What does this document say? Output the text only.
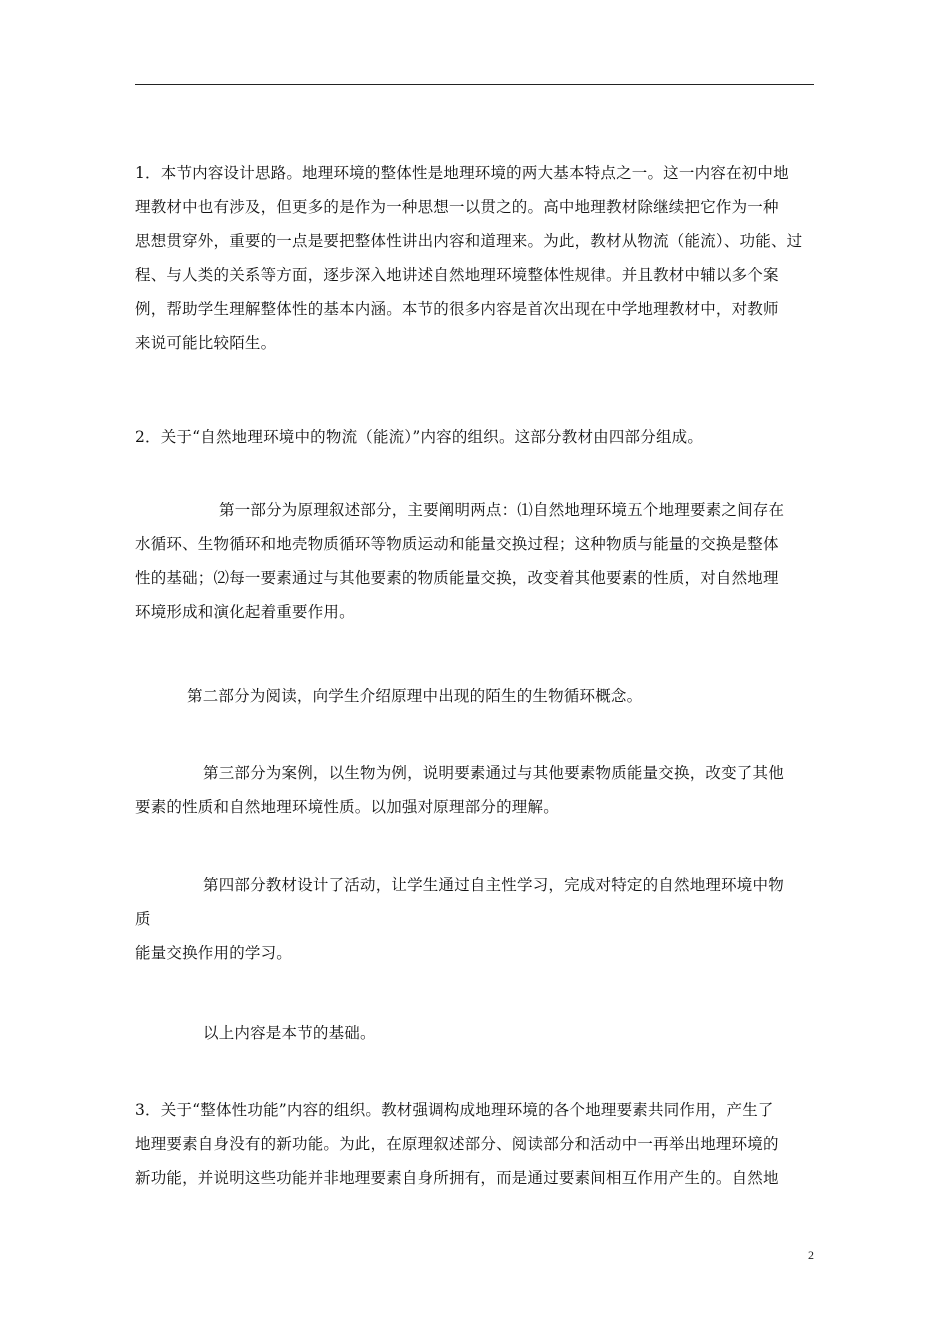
1．本节内容设计思路。地理环境的整体性是地理环境的两大基本特点之一。这一内容在初中地
理教材中也有涉及，但更多的是作为一种思想一以贯之的。高中地理教材除继续把它作为一种
思想贯穿外，重要的一点是要把整体性讲出内容和道理来。为此，教材从物流（能流）、功能、过
程、与人类的关系等方面，逐步深入地讲述自然地理环境整体性规律。并且教材中辅以多个案
例，帮助学生理解整体性的基本内涵。本节的很多内容是首次出现在中学地理教材中，对教师
来说可能比较陌生。
2．关于“自然地理环境中的物流（能流）”内容的组织。这部分教材由四部分组成。
第一部分为原理叙述部分，主要阐明两点：⑴自然地理环境五个地理要素之间存在
水循环、生物循环和地壳物质循环等物质运动和能量交换过程；这种物质与能量的交换是整体
性的基础；⑵每一要素通过与其他要素的物质能量交换，改变着其他要素的性质，对自然地理
环境形成和演化起着重要作用。
第二部分为阅读，向学生介绍原理中出现的陌生的生物循环概念。
第三部分为案例，以生物为例，说明要素通过与其他要素物质能量交换，改变了其他
要素的性质和自然地理环境性质。以加强对原理部分的理解。
第四部分教材设计了活动，让学生通过自主性学习，完成对特定的自然地理环境中物
质
能量交换作用的学习。
以上内容是本节的基础。
3．关于“整体性功能”内容的组织。教材强调构成地理环境的各个地理要素共同作用，产生了
地理要素自身没有的新功能。为此，在原理叙述部分、阅读部分和活动中一再举出地理环境的
新功能，并说明这些功能并非地理要素自身所拥有，而是通过要素间相互作用产生的。自然地
2
